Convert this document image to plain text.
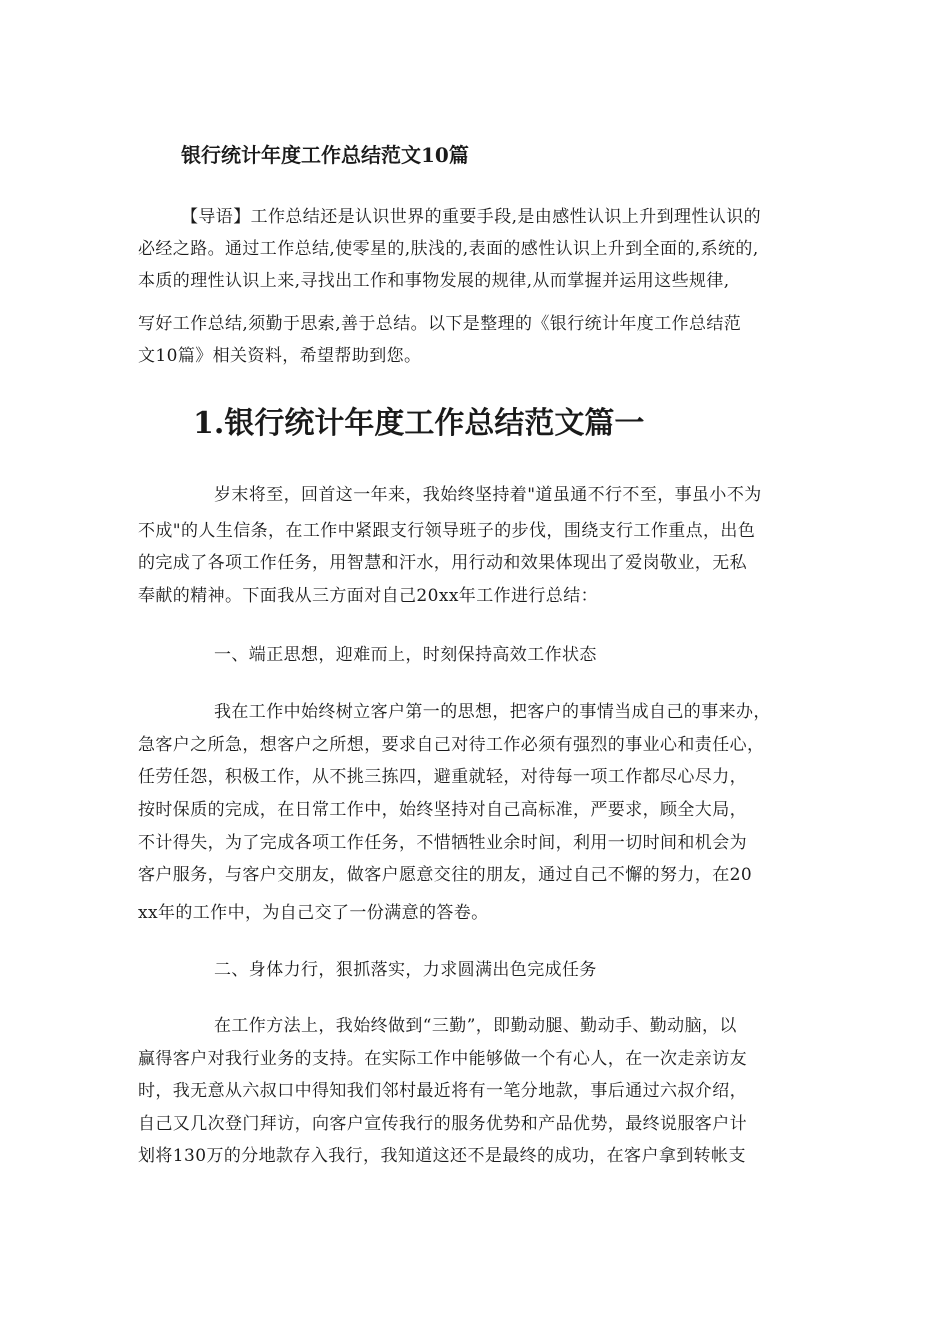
银行统计年度工作总结范文10篇
【导语】工作总结还是认识世界的重要手段,是由感性认识上升到理性认识的
必经之路。通过工作总结,使零星的,肤浅的,表面的感性认识上升到全面的,系统的,
本质的理性认识上来,寻找出工作和事物发展的规律,从而掌握并运用这些规律,
写好工作总结,须勤于思索,善于总结。以下是整理的《银行统计年度工作总结范
文10篇》相关资料，希望帮助到您。
1.银行统计年度工作总结范文篇一
岁末将至，回首这一年来，我始终坚持着"道虽通不行不至，事虽小不为
不成"的人生信条，在工作中紧跟支行领导班子的步伐，围绕支行工作重点，出色
的完成了各项工作任务，用智慧和汗水，用行动和效果体现出了爱岗敬业，无私
奉献的精神。下面我从三方面对自己20xx年工作进行总结：
一、端正思想，迎难而上，时刻保持高效工作状态
我在工作中始终树立客户第一的思想，把客户的事情当成自己的事来办，
急客户之所急，想客户之所想，要求自己对待工作必须有强烈的事业心和责任心，
任劳任怨，积极工作，从不挑三拣四，避重就轻，对待每一项工作都尽心尽力，
按时保质的完成，在日常工作中，始终坚持对自己高标准，严要求，顾全大局，
不计得失，为了完成各项工作任务，不惜牺牲业余时间，利用一切时间和机会为
客户服务，与客户交朋友，做客户愿意交往的朋友，通过自己不懈的努力，在20
xx年的工作中，为自己交了一份满意的答卷。
二、身体力行，狠抓落实，力求圆满出色完成任务
在工作方法上，我始终做到“三勤”，即勤动腿、勤动手、勤动脑，以
赢得客户对我行业务的支持。在实际工作中能够做一个有心人，在一次走亲访友
时，我无意从六叔口中得知我们邻村最近将有一笔分地款，事后通过六叔介绍，
自己又几次登门拜访，向客户宣传我行的服务优势和产品优势，最终说服客户计
划将130万的分地款存入我行，我知道这还不是最终的成功，在客户拿到转帐支
